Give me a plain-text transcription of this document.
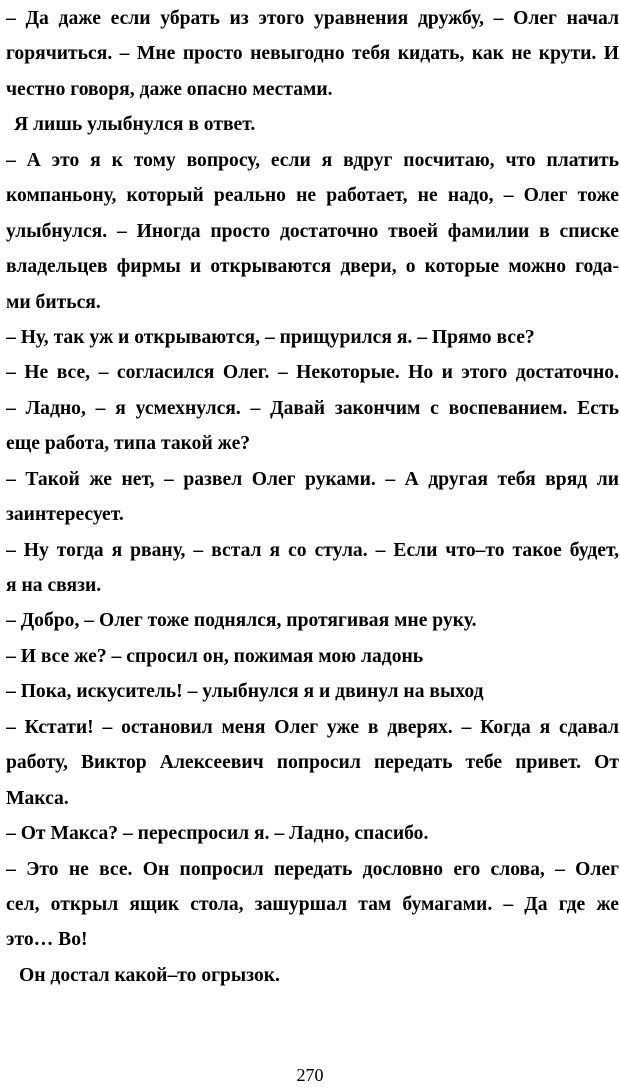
– Да даже если убрать из этого уравнения дружбу, – Олег начал
горячиться. – Мне просто невыгодно тебя кидать, как не крути. И
честно говоря, даже опасно местами.
Я лишь улыбнулся в ответ.
– А это я к тому вопросу, если я вдруг посчитаю, что платить
компаньону, который реально не работает, не надо, – Олег тоже
улыбнулся. – Иногда просто достаточно твоей фамилии в списке
владельцев фирмы и открываются двери, о которые можно года-
ми биться.
– Ну, так уж и открываются, – прищурился я. – Прямо все?
– Не все, – согласился Олег. – Некоторые. Но и этого достаточно.
– Ладно, – я усмехнулся. – Давай закончим с воспеванием. Есть
еще работа, типа такой же?
– Такой же нет, – развел Олег руками. – А другая тебя вряд ли
заинтересует.
– Ну тогда я рвану, – встал я со стула. – Если что–то такое будет,
я на связи.
– Добро, – Олег тоже поднялся, протягивая мне руку.
– И все же? – спросил он, пожимая мою ладонь
– Пока, искуситель! – улыбнулся я и двинул на выход
– Кстати! – остановил меня Олег уже в дверях. – Когда я сдавал
работу, Виктор Алексеевич попросил передать тебе привет. От
Макса.
– От Макса? – переспросил я. – Ладно, спасибо.
– Это не все. Он попросил передать дословно его слова, – Олег
сел, открыл ящик стола, зашуршал там бумагами. – Да где же
это… Во!
Он достал какой–то огрызок.
270
